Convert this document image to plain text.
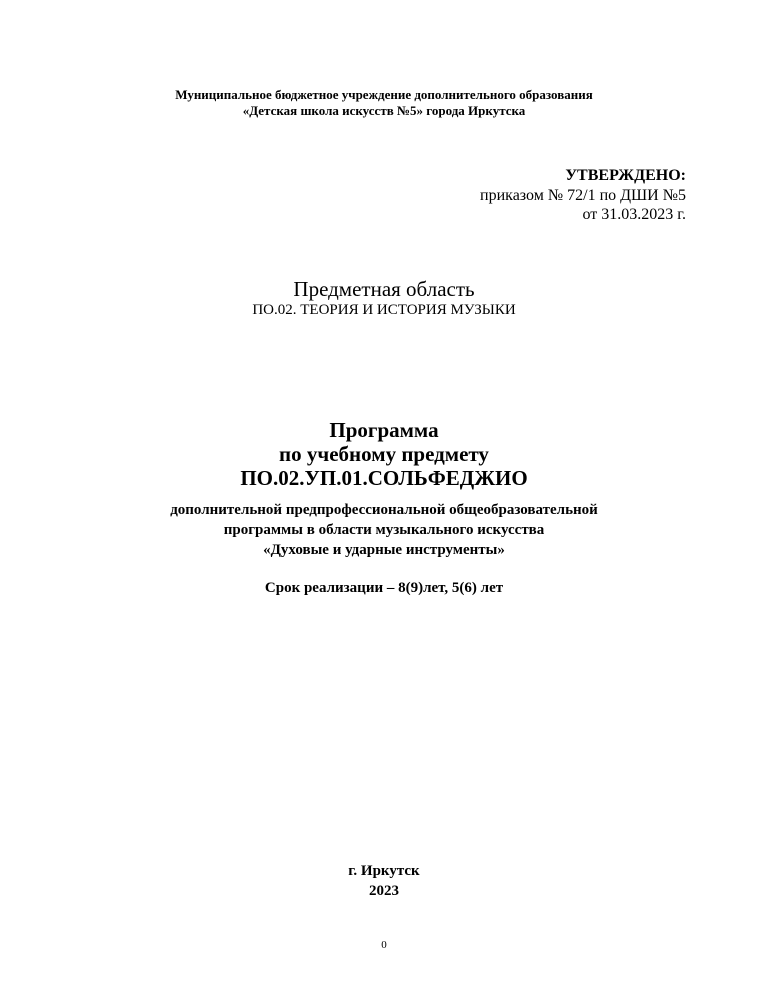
Муниципальное бюджетное учреждение дополнительного образования
«Детская школа искусств №5» города Иркутска
УТВЕРЖДЕНО:
приказом № 72/1 по ДШИ №5
от 31.03.2023 г.
Предметная область
ПО.02. ТЕОРИЯ И ИСТОРИЯ МУЗЫКИ
Программа
по учебному предмету
ПО.02.УП.01.СОЛЬФЕДЖИО
дополнительной предпрофессиональной общеобразовательной
программы в области музыкального искусства
«Духовые и ударные инструменты»
Срок реализации – 8(9)лет, 5(6) лет
г. Иркутск
2023
0
